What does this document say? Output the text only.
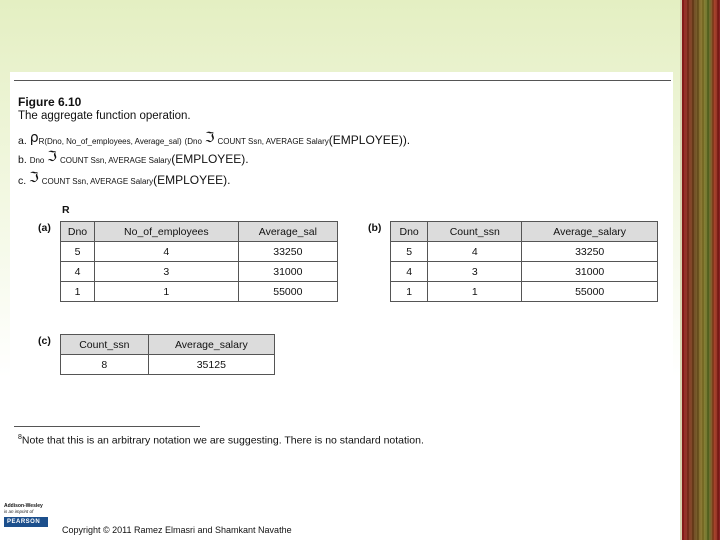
Figure 6.10
The aggregate function operation.
a. ρR(Dno, No_of_employees, Average_sal) (Dno ℑ COUNT Ssn, AVERAGE Salary(EMPLOYEE)).
b. Dno ℑ COUNT Ssn, AVERAGE Salary(EMPLOYEE).
c. ℑ COUNT Ssn, AVERAGE Salary(EMPLOYEE).
R
(a)	(b)
(c)
Dno	No_of_employees	Average_sal
5	4	33250
4	3	31000
1	1	55000
Dno	Count_ssn	Average_salary
5	4	33250
4	3	31000
1	1	55000
Count_ssn	Average_salary
8	35125
$^8$Note that this is an arbitrary notation we are suggesting. There is no standard notation.
Addison-Wesley
is an imprint of
PEARSON
Copyright © 2011 Ramez Elmasri and Shamkant Navathe
